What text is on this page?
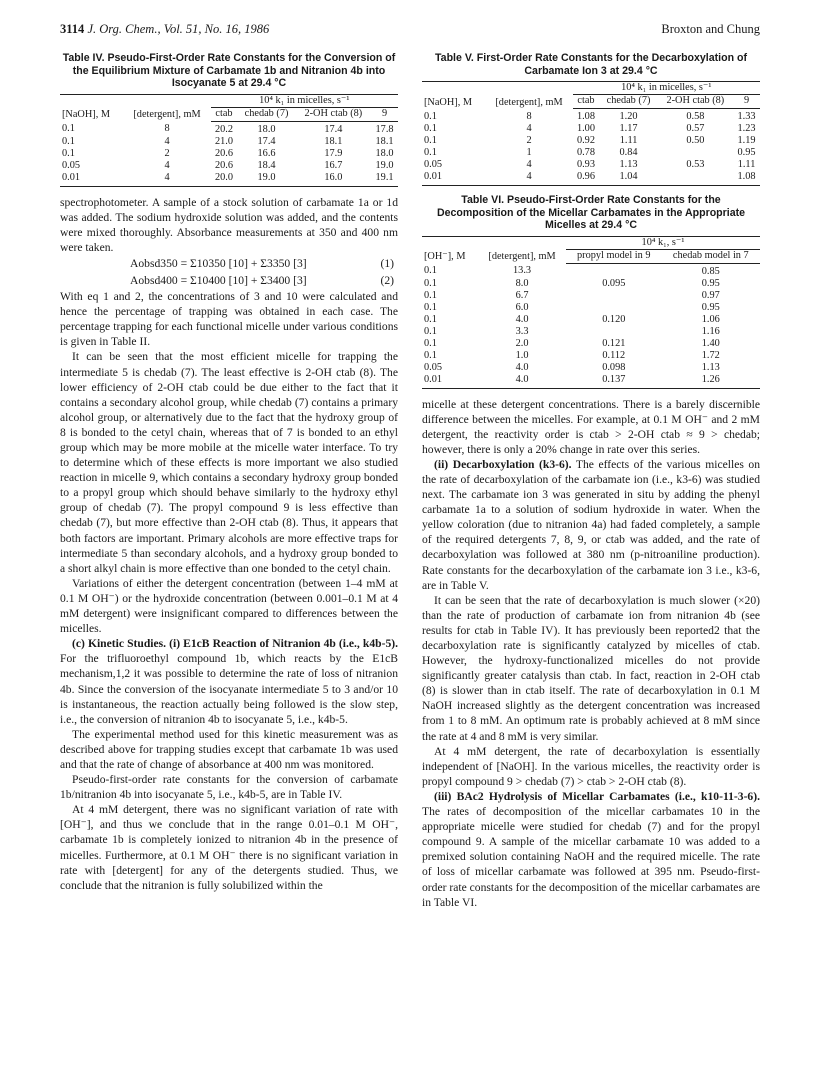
3114 J. Org. Chem., Vol. 51, No. 16, 1986	Broxton and Chung
Table IV. Pseudo-First-Order Rate Constants for the Conversion of the Equilibrium Mixture of Carbamate 1b and Nitranion 4b into Isocyanate 5 at 29.4 °C
[NaOH], M	[detergent], mM	10⁴ k₁ in micelles, s⁻¹			
		ctab	chedab (7)	2-OH ctab (8)	9
0.1	8	20.2	18.0	17.4	17.8
0.1	4	21.0	17.4	18.1	18.1
0.1	2	20.6	16.6	17.9	18.0
0.05	4	20.6	18.4	16.7	19.0
0.01	4	20.0	19.0	16.0	19.1

spectrophotometer. A sample of a stock solution of carbamate 1a or 1d was added. The sodium hydroxide solution was added, and the contents were mixed thoroughly. Absorbance measurements at 350 and 400 nm were taken.

Aobsd350 = Σ10350 [10] + Σ3350 [3]	(1)
Aobsd400 = Σ10400 [10] + Σ3400 [3]	(2)

With eq 1 and 2, the concentrations of 3 and 10 were calculated and hence the percentage of trapping was obtained in each case. The percentage trapping for each functional micelle under various conditions is given in Table II.

It can be seen that the most efficient micelle for trapping the intermediate 5 is chedab (7). The least effective is 2-OH ctab (8). The lower efficiency of 2-OH ctab could be due either to the fact that it contains a secondary alcohol group, while chedab (7) contains a primary alcohol group, or alternatively due to the fact that the hydroxy group of 8 is bonded to the cetyl chain, whereas that of 7 is bonded to an ethyl group which may be more mobile at the micelle water interface. To try to determine which of these effects is more important we also studied reaction in micelle 9, which contains a secondary hydroxy group bonded to a propyl group which should behave similarly to the hydroxy ethyl group of chedab (7). The propyl compound 9 is less effective than chedab (7), but more effective than 2-OH ctab (8). Thus, it appears that both factors are important. Primary alcohols are more effective traps for intermediate 5 than secondary alcohols, and a hydroxy group bonded to a short alkyl chain is more effective than one bonded to the cetyl chain.

Variations of either the detergent concentration (between 1–4 mM at 0.1 M OH⁻) or the hydroxide concentration (between 0.001–0.1 M at 4 mM detergent) were insignificant compared to differences between the micelles.

(c) Kinetic Studies. (i) E1cB Reaction of Nitranion 4b (i.e., k4b-5). For the trifluoroethyl compound 1b, which reacts by the E1cB mechanism,1,2 it was possible to determine the rate of loss of nitranion 4b. Since the conversion of the isocyanate intermediate 5 to 3 and/or 10 is instantaneous, the reaction actually being followed is the slow step, i.e., the conversion of nitranion 4b to isocyanate 5, i.e., k4b-5.

The experimental method used for this kinetic measurement was as described above for trapping studies except that carbamate 1b was used and that the rate of change of absorbance at 400 nm was monitored.

Pseudo-first-order rate constants for the conversion of carbamate 1b/nitranion 4b into isocyanate 5, i.e., k4b-5, are in Table IV.

At 4 mM detergent, there was no significant variation of rate with [OH⁻], and thus we conclude that in the range 0.01–0.1 M OH⁻, carbamate 1b is completely ionized to nitranion 4b in the presence of micelles. Furthermore, at 0.1 M OH⁻ there is no significant variation in rate with [detergent] for any of the detergents studied. Thus, we conclude that the nitranion is fully solubilized within the

Table V. First-Order Rate Constants for the Decarboxylation of Carbamate Ion 3 at 29.4 °C
[NaOH], M	[detergent], mM	10⁴ k₁ in micelles, s⁻¹			
		ctab	chedab (7)	2-OH ctab (8)	9
0.1	8	1.08	1.20	0.58	1.33
0.1	4	1.00	1.17	0.57	1.23
0.1	2	0.92	1.11	0.50	1.19
0.1	1	0.78	0.84		0.95
0.05	4	0.93	1.13	0.53	1.11
0.01	4	0.96	1.04		1.08
Table VI. Pseudo-First-Order Rate Constants for the Decomposition of the Micellar Carbamates in the Appropriate Micelles at 29.4 °C
[OH⁻], M	[detergent], mM	10⁴ k₁, s⁻¹	
		propyl model in 9	chedab model in 7
0.1	13.3		0.85
0.1	8.0	0.095	0.95
0.1	6.7		0.97
0.1	6.0		0.95
0.1	4.0	0.120	1.06
0.1	3.3		1.16
0.1	2.0	0.121	1.40
0.1	1.0	0.112	1.72
0.05	4.0	0.098	1.13
0.01	4.0	0.137	1.26

micelle at these detergent concentrations. There is a barely discernible difference between the micelles. For example, at 0.1 M OH⁻ and 2 mM detergent, the reactivity order is ctab > 2-OH ctab ≈ 9 > chedab; however, there is only a 20% change in rate over this series.

(ii) Decarboxylation (k3-6). The effects of the various micelles on the rate of decarboxylation of the carbamate ion (i.e., k3-6) was studied next. The carbamate ion 3 was generated in situ by adding the phenyl carbamate 1a to a solution of sodium hydroxide in water. When the yellow coloration (due to nitranion 4a) had faded completely, a sample of the required detergents 7, 8, 9, or ctab was added, and the rate of decarboxylation was followed at 380 nm (p-nitroaniline production). Rate constants for the decarboxylation of the carbamate ion 3 i.e., k3-6, are in Table V.

It can be seen that the rate of decarboxylation is much slower (×20) than the rate of production of carbamate ion from nitranion 4b (see results for ctab in Table IV). It has previously been reported2 that the decarboxylation rate is significantly catalyzed by micelles of ctab. However, the hydroxy-functionalized micelles do not provide significantly greater catalysis than ctab. In fact, reaction in 2-OH ctab (8) is slower than in ctab itself. The rate of decarboxylation in 0.1 M NaOH increased slightly as the detergent concentration was increased from 1 to 8 mM. An optimum rate is probably achieved at 8 mM since the rate at 4 and 8 mM is very similar.

At 4 mM detergent, the rate of decarboxylation is essentially independent of [NaOH]. In the various micelles, the reactivity order is propyl compound 9 > chedab (7) > ctab > 2-OH ctab (8).

(iii) BAc2 Hydrolysis of Micellar Carbamates (i.e., k10-11-3-6). The rates of decomposition of the micellar carbamates 10 in the appropriate micelle were studied for chedab (7) and for the propyl compound 9. A sample of the micellar carbamate 10 was added to a premixed solution containing NaOH and the required micelle. The rate of loss of micellar carbamate was followed at 395 nm. Pseudo-first-order rate constants for the decomposition of the micellar carbamates are in Table VI.
